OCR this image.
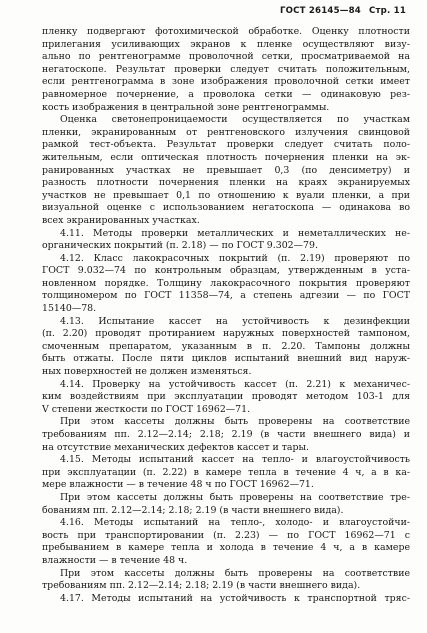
ГОСТ 26145—84 Стр. 11
пленку подвергают фотохимической обработке. Оценку плотности
прилегания усиливающих экранов к пленке осуществляют визу-
ально по рентгенограмме проволочной сетки, просматриваемой на
негатоскопе. Результат проверки следует считать положительным,
если рентгенограмма в зоне изображения проволочной сетки имеет
равномерное почернение, а проволока сетки — одинаковую рез-
кость изображения в центральной зоне рентгенограммы.
Оценка светонепроницаемости осуществляется по участкам
пленки, экранированным от рентгеновского излучения свинцовой
рамкой тест-объекта. Результат проверки следует считать поло-
жительным, если оптическая плотность почернения пленки на эк-
ранированных участках не превышает 0,3 (по денсиметру) и
разность плотности почернения пленки на краях экранируемых
участков не превышает 0,1 по отношению к вуали пленки, а при
визуальной оценке с использованием негатоскопа — одинакова во
всех экранированных участках.
4.11. Методы проверки металлических и неметаллических не-
органических покрытий (п. 2.18) — по ГОСТ 9.302—79.
4.12. Класс лакокрасочных покрытий (п. 2.19) проверяют по
ГОСТ 9.032—74 по контрольным образцам, утвержденным в уста-
новленном порядке. Толщину лакокрасочного покрытия проверяют
толщиномером по ГОСТ 11358—74, а степень адгезии — по ГОСТ
15140—78.
4.13. Испытание кассет на устойчивость к дезинфекции
(п. 2.20) проводят протиранием наружных поверхностей тампоном,
смоченным препаратом, указанным в п. 2.20. Тампоны должны
быть отжаты. После пяти циклов испытаний внешний вид наруж-
ных поверхностей не должен изменяться.
4.14. Проверку на устойчивость кассет (п. 2.21) к механичес-
ким воздействиям при эксплуатации проводят методом 103-1 для
V степени жесткости по ГОСТ 16962—71.
При этом кассеты должны быть проверены на соответствие
требованиям пп. 2.12—2.14; 2.18; 2.19 (в части внешнего вида) и
на отсутствие механических дефектов кассет и тары.
4.15. Методы испытаний кассет на тепло- и влагоустойчивость
при эксплуатации (п. 2.22) в камере тепла в течение 4 ч, а в ка-
мере влажности — в течение 48 ч по ГОСТ 16962—71.
При этом кассеты должны быть проверены на соответствие тре-
бованиям пп. 2.12—2.14; 2.18; 2.19 (в части внешнего вида).
4.16. Методы испытаний на тепло-, холодо- и влагоустойчи-
вость при транспортировании (п. 2.23) — по ГОСТ 16962—71 с
пребыванием в камере тепла и холода в течение 4 ч, а в камере
влажности — в течение 48 ч.
При этом кассеты должны быть проверены на соответствие
требованиям пп. 2.12—2.14; 2.18; 2.19 (в части внешнего вида).
4.17. Методы испытаний на устойчивость к транспортной тряс-
